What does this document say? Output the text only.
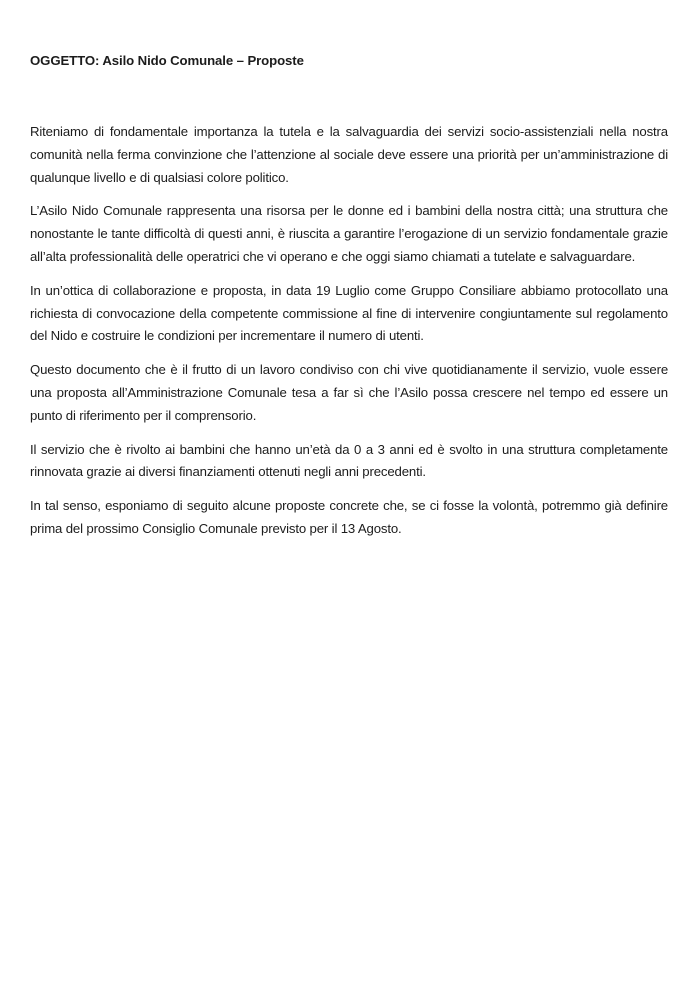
OGGETTO: Asilo Nido Comunale – Proposte

Riteniamo di fondamentale importanza la tutela e la salvaguardia dei servizi socio-assistenziali nella nostra comunità nella ferma convinzione che l’attenzione al sociale deve essere una priorità per un’amministrazione di qualunque livello e di qualsiasi colore politico.

L’Asilo Nido Comunale rappresenta una risorsa per le donne ed i bambini della nostra città; una struttura che nonostante le tante difficoltà di questi anni, è riuscita a garantire l’erogazione di un servizio fondamentale grazie all’alta professionalità delle operatrici che vi operano e che oggi siamo chiamati a tutelate e salvaguardare.

In un’ottica di collaborazione e proposta, in data 19 Luglio come Gruppo Consiliare abbiamo protocollato una richiesta di convocazione della competente commissione al fine di intervenire congiuntamente sul regolamento del Nido e costruire le condizioni per incrementare il numero di utenti.

Questo documento che è il frutto di un lavoro condiviso con chi vive quotidianamente il servizio, vuole essere una proposta all’Amministrazione Comunale tesa a far sì che l’Asilo possa crescere nel tempo ed essere un punto di riferimento per il comprensorio.

Il servizio che è rivolto ai bambini che hanno un’età da 0 a 3 anni ed è svolto in una struttura completamente rinnovata grazie ai diversi finanziamenti ottenuti negli anni precedenti.

In tal senso, esponiamo di seguito alcune proposte concrete che, se ci fosse la volontà, potremmo già definire prima del prossimo Consiglio Comunale previsto per il 13 Agosto.
